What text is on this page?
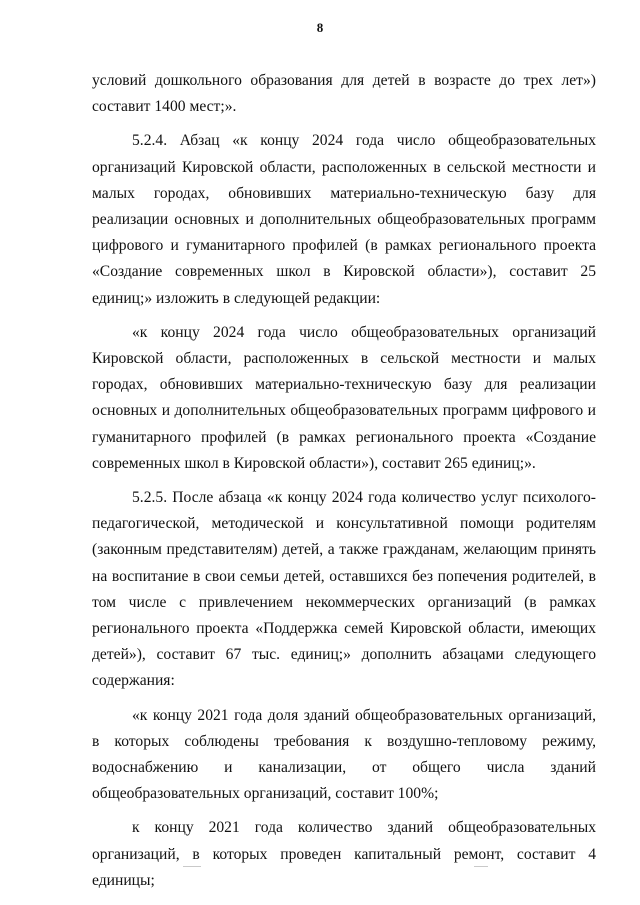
8

условий дошкольного образования для детей в возрасте до трех лет») составит 1400 мест;».

5.2.4. Абзац «к концу 2024 года число общеобразовательных организаций Кировской области, расположенных в сельской местности и малых городах, обновивших материально-техническую базу для реализации основных и дополнительных общеобразовательных программ цифрового и гуманитарного профилей (в рамках регионального проекта «Создание современных школ в Кировской области»), составит 25 единиц;» изложить в следующей редакции:

«к концу 2024 года число общеобразовательных организаций Кировской области, расположенных в сельской местности и малых городах, обновивших материально-техническую базу для реализации основных и дополнительных общеобразовательных программ цифрового и гуманитарного профилей (в рамках регионального проекта «Создание современных школ в Кировской области»), составит 265 единиц;».

5.2.5. После абзаца «к концу 2024 года количество услуг психолого-педагогической, методической и консультативной помощи родителям (законным представителям) детей, а также гражданам, желающим принять на воспитание в свои семьи детей, оставшихся без попечения родителей, в том числе с привлечением некоммерческих организаций (в рамках регионального проекта «Поддержка семей Кировской области, имеющих детей»), составит 67 тыс. единиц;» дополнить абзацами следующего содержания:

«к концу 2021 года доля зданий общеобразовательных организаций, в которых соблюдены требования к воздушно-тепловому режиму, водоснабжению и канализации, от общего числа зданий общеобразовательных организаций, составит 100%;

к концу 2021 года количество зданий общеобразовательных организаций, в которых проведен капитальный ремонт, составит 4 единицы;
